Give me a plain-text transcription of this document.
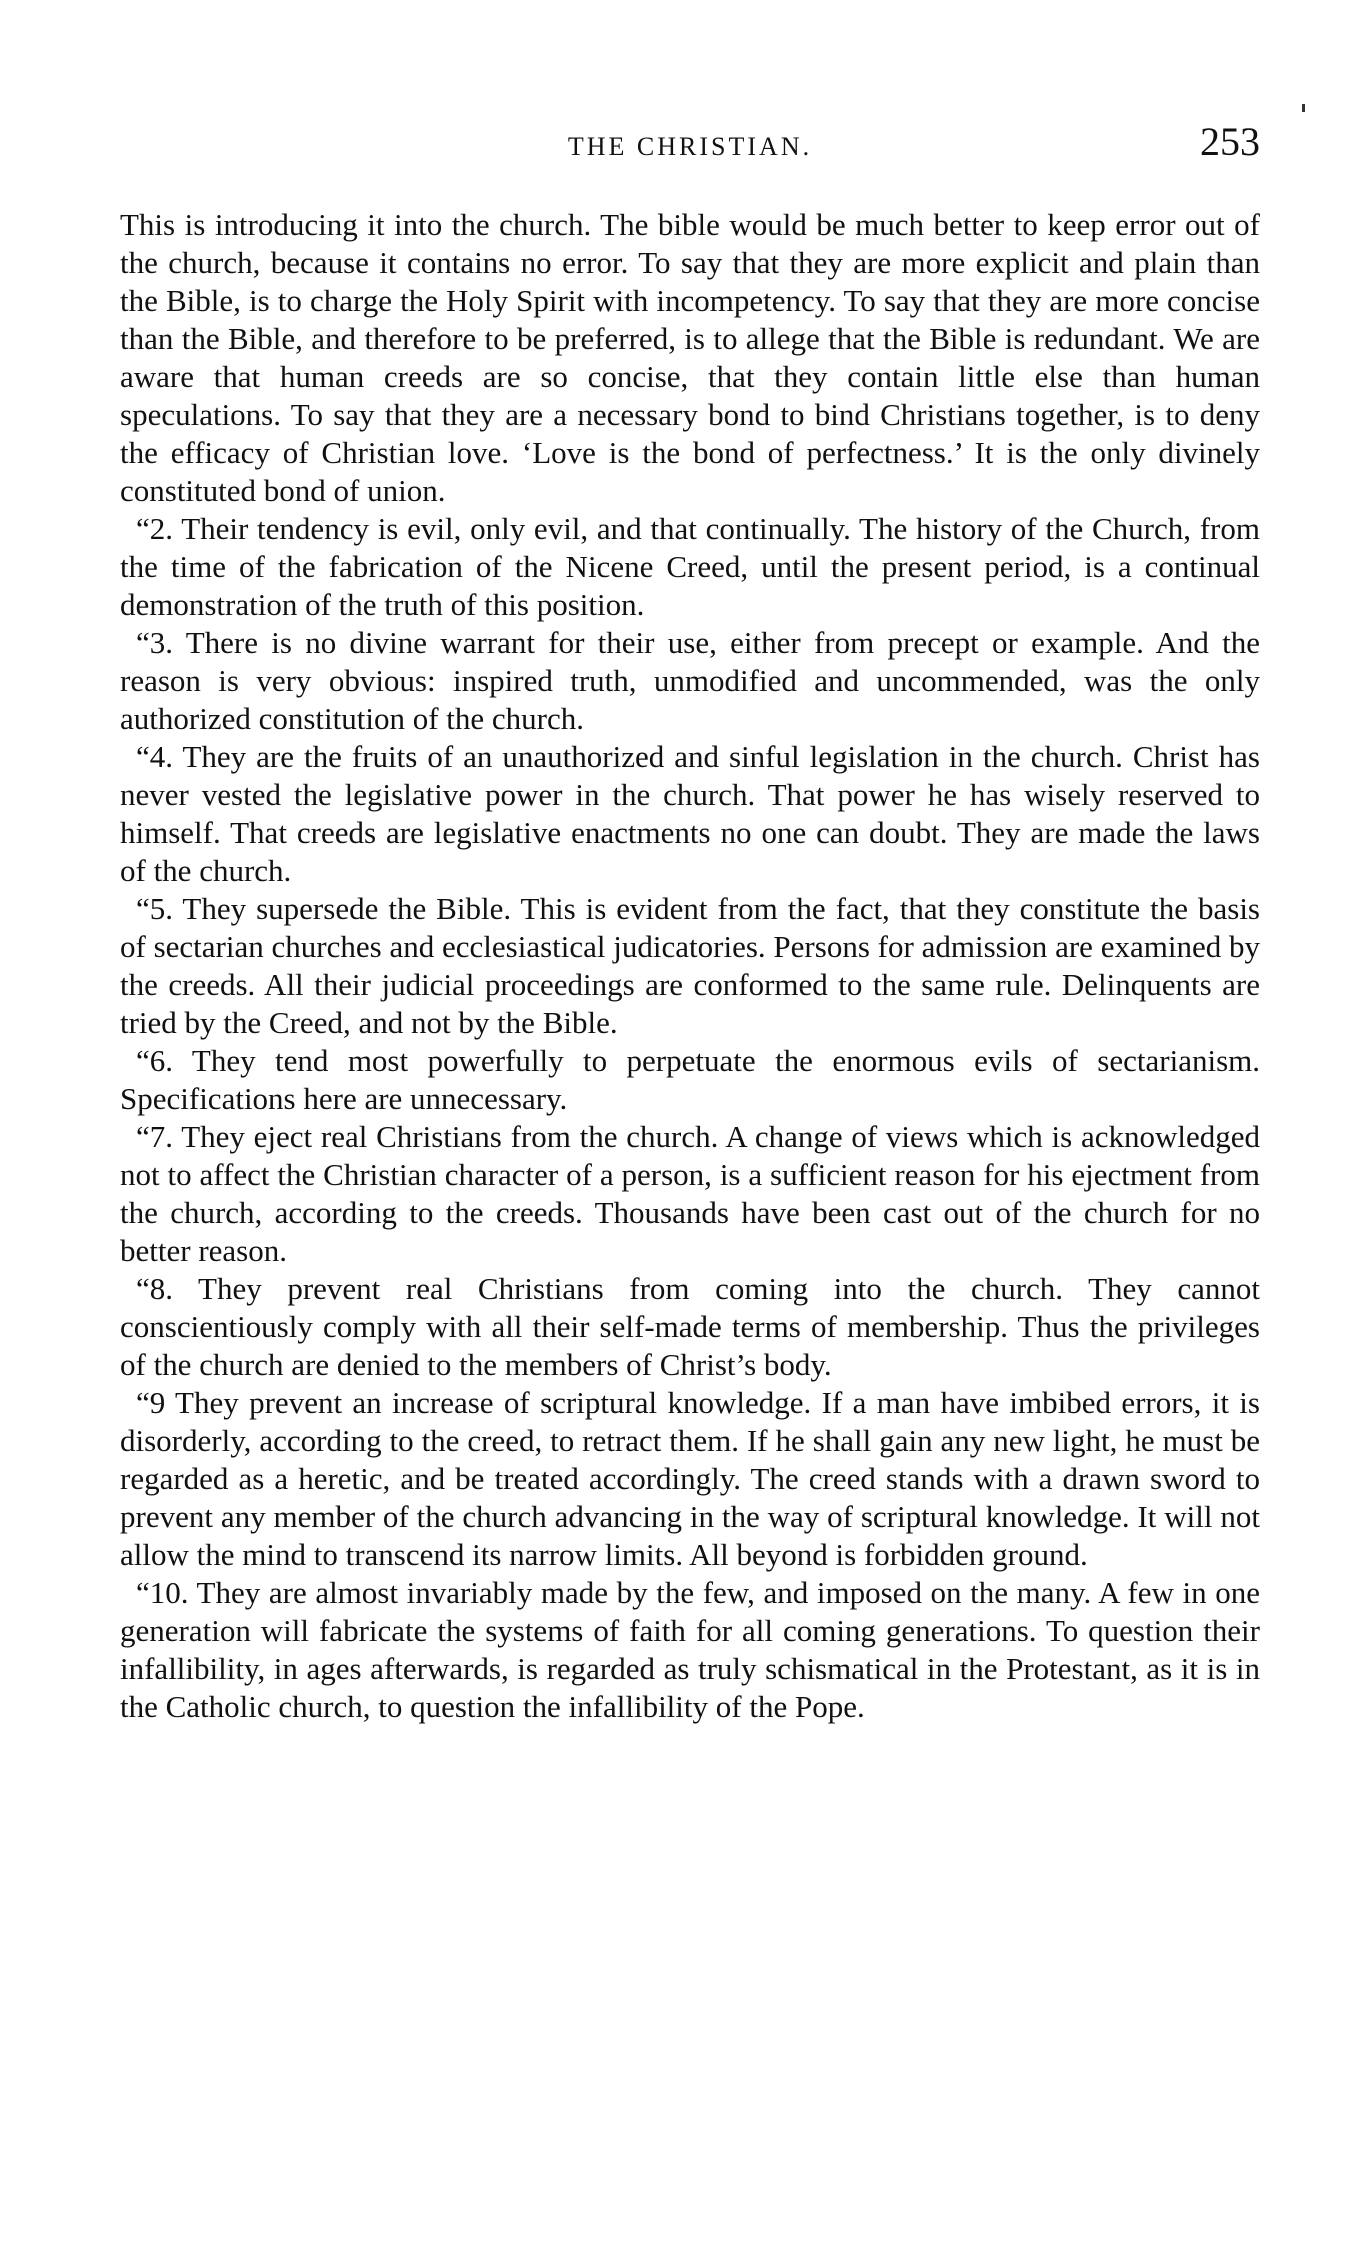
THE CHRISTIAN.	253

This is introducing it into the church. The bible would be much better to keep error out of the church, because it contains no error. To say that they are more explicit and plain than the Bible, is to charge the Holy Spirit with incompetency. To say that they are more concise than the Bible, and therefore to be preferred, is to allege that the Bible is redundant. We are aware that human creeds are so concise, that they contain little else than human speculations. To say that they are a necessary bond to bind Christians together, is to deny the efficacy of Christian love. ‘Love is the bond of perfectness.’ It is the only divinely constituted bond of union.

“2. Their tendency is evil, only evil, and that continually. The history of the Church, from the time of the fabrication of the Nicene Creed, until the present period, is a continual demonstration of the truth of this position.

“3. There is no divine warrant for their use, either from precept or example. And the reason is very obvious: inspired truth, unmodified and uncommended, was the only authorized constitution of the church.

“4. They are the fruits of an unauthorized and sinful legislation in the church. Christ has never vested the legislative power in the church. That power he has wisely reserved to himself. That creeds are legislative enactments no one can doubt. They are made the laws of the church.

“5. They supersede the Bible. This is evident from the fact, that they constitute the basis of sectarian churches and ecclesiastical judicatories. Persons for admission are examined by the creeds. All their judicial proceedings are conformed to the same rule. Delinquents are tried by the Creed, and not by the Bible.

“6. They tend most powerfully to perpetuate the enormous evils of sectarianism. Specifications here are unnecessary.

“7. They eject real Christians from the church. A change of views which is acknowledged not to affect the Christian character of a person, is a sufficient reason for his ejectment from the church, according to the creeds. Thousands have been cast out of the church for no better reason.

“8. They prevent real Christians from coming into the church. They cannot conscientiously comply with all their self-made terms of membership. Thus the privileges of the church are denied to the members of Christ’s body.

“9 They prevent an increase of scriptural knowledge. If a man have imbibed errors, it is disorderly, according to the creed, to retract them. If he shall gain any new light, he must be regarded as a heretic, and be treated accordingly. The creed stands with a drawn sword to prevent any member of the church advancing in the way of scriptural knowledge. It will not allow the mind to transcend its narrow limits. All beyond is forbidden ground.

“10. They are almost invariably made by the few, and imposed on the many. A few in one generation will fabricate the systems of faith for all coming generations. To question their infallibility, in ages afterwards, is regarded as truly schismatical in the Protestant, as it is in the Catholic church, to question the infallibility of the Pope.
